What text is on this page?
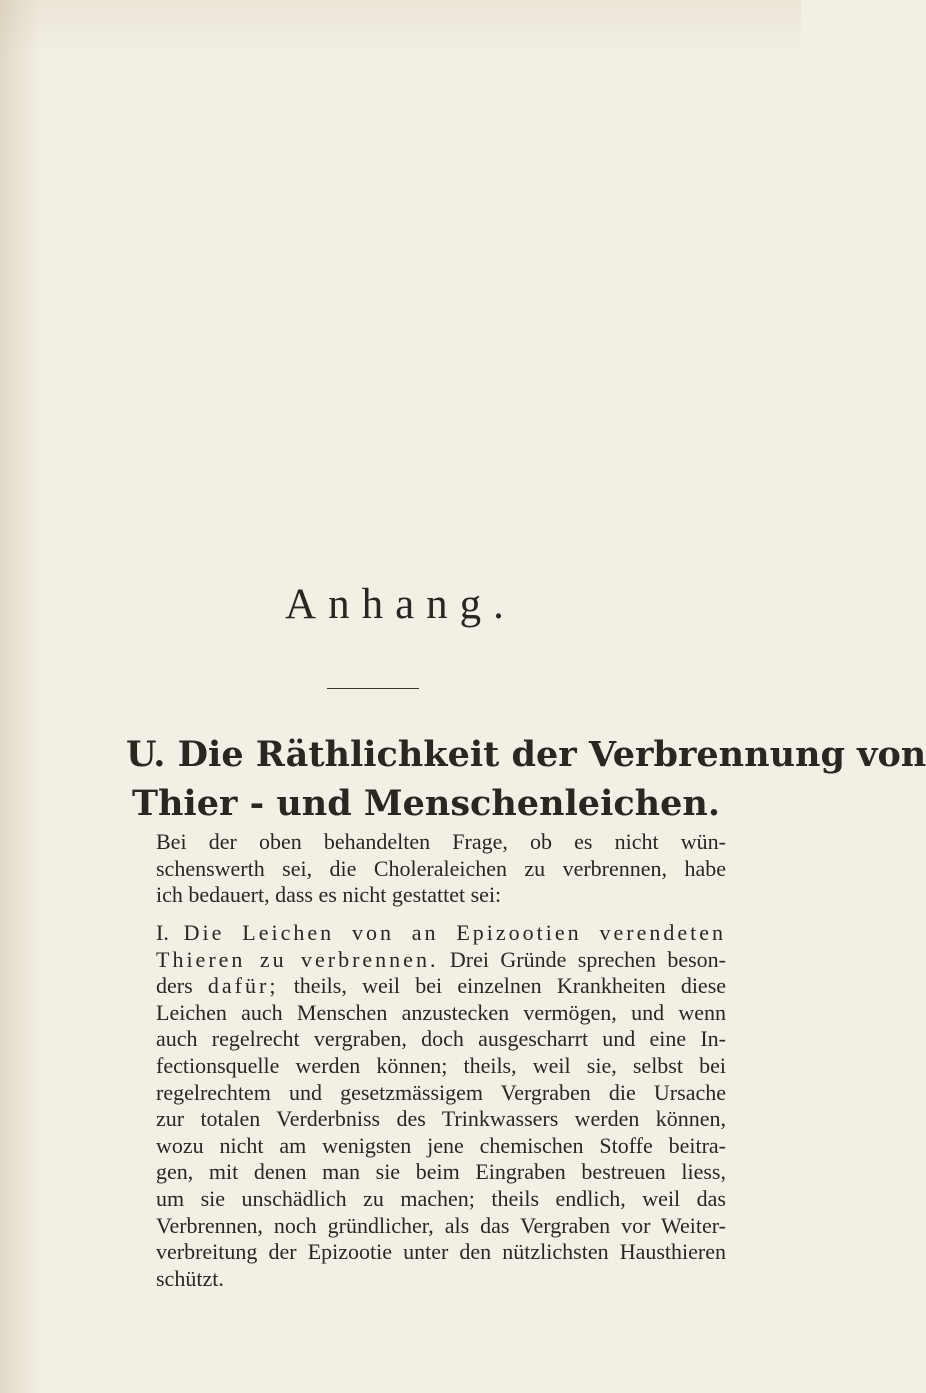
Anhang.
U. Die Räthlichkeit der Verbrennung von
Thier - und Menschenleichen.

Bei der oben behandelten Frage, ob es nicht wün-
schenswerth sei, die Choleraleichen zu verbrennen, habe
ich bedauert, dass es nicht gestattet sei:

I. Die Leichen von an Epizootien verendeten
Thieren zu verbrennen. Drei Gründe sprechen beson-
ders dafür; theils, weil bei einzelnen Krankheiten diese
Leichen auch Menschen anzustecken vermögen, und wenn
auch regelrecht vergraben, doch ausgescharrt und eine In-
fectionsquelle werden können; theils, weil sie, selbst bei
regelrechtem und gesetzmässigem Vergraben die Ursache
zur totalen Verderbniss des Trinkwassers werden können,
wozu nicht am wenigsten jene chemischen Stoffe beitra-
gen, mit denen man sie beim Eingraben bestreuen liess,
um sie unschädlich zu machen; theils endlich, weil das
Verbrennen, noch gründlicher, als das Vergraben vor Weiter-
verbreitung der Epizootie unter den nützlichsten Hausthieren
schützt.
